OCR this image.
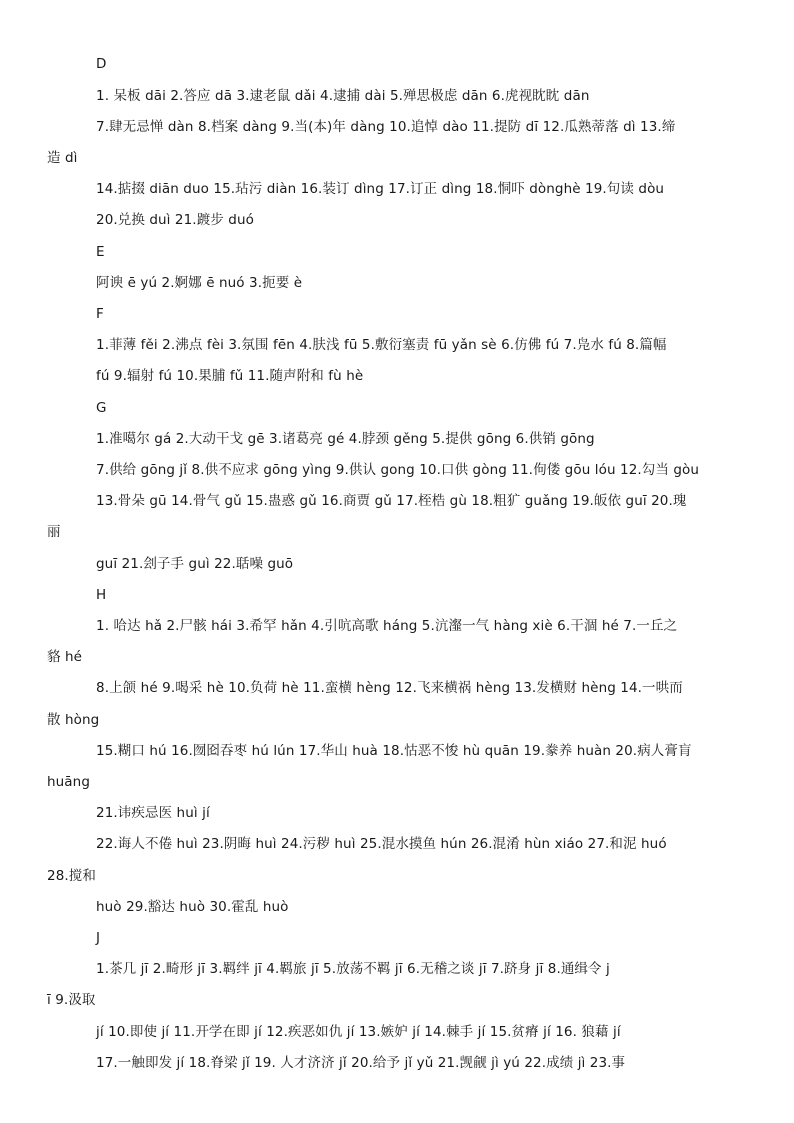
D
1. 呆板 dāi 2.答应 dā 3.逮老鼠 dǎi 4.逮捕 dài 5.殚思极虑 dān 6.虎视眈眈 dān
7.肆无忌惮 dàn 8.档案 dàng 9.当(本)年 dàng 10.追悼 dào 11.提防 dī 12.瓜熟蒂落 dì 13.缔
造 dì
14.掂掇 diān duo 15.玷污 diàn 16.装订 dìng 17.订正 dìng 18.恫吓 dònghè 19.句读 dòu
20.兑换 duì 21.踱步 duó
E
阿谀 ē yú 2.婀娜 ē nuó 3.扼要 è
F
1.菲薄 fěi 2.沸点 fèi 3.氛围 fēn 4.肤浅 fū 5.敷衍塞责 fū yǎn sè 6.仿佛 fú 7.凫水 fú 8.篇幅
fú 9.辐射 fú 10.果脯 fǔ 11.随声附和 fù hè
G
1.准噶尔 gá 2.大动干戈 gē 3.诸葛亮 gé 4.脖颈 gěng 5.提供 gōng 6.供销 gōng
7.供给 gōng jǐ 8.供不应求 gōng yìng 9.供认 gong 10.口供 gòng 11.佝偻 gōu lóu 12.勾当 gòu
13.骨朵 gū 14.骨气 gǔ 15.蛊惑 gǔ 16.商贾 gǔ 17.桎梏 gù 18.粗犷 guǎng 19.皈依 guī 20.瑰
丽
guī 21.刽子手 guì 22.聒噪 guō
H
1. 哈达 hǎ 2.尸骸 hái 3.希罕 hǎn 4.引吭高歌 háng 5.沆瀣一气 hàng xiè 6.干涸 hé 7.一丘之
貉 hé
8.上颌 hé 9.喝采 hè 10.负荷 hè 11.蛮横 hèng 12.飞来横祸 hèng 13.发横财 hèng 14.一哄而
散 hòng
15.糊口 hú 16.囫囵吞枣 hú lún 17.华山 huà 18.怙恶不悛 hù quān 19.豢养 huàn 20.病人膏肓
huāng
21.讳疾忌医 huì jí
22.诲人不倦 huì 23.阴晦 huì 24.污秽 huì 25.混水摸鱼 hún 26.混淆 hùn xiáo 27.和泥 huó
28.搅和
huò 29.豁达 huò 30.霍乱 huò
J
1.茶几 jī 2.畸形 jī 3.羁绊 jī 4.羁旅 jī 5.放荡不羁 jī 6.无稽之谈 jī 7.跻身 jī 8.通缉令 j
ī 9.汲取
jí 10.即使 jí 11.开学在即 jí 12.疾恶如仇 jí 13.嫉妒 jí 14.棘手 jí 15.贫瘠 jí 16. 狼藉 jí
17.一触即发 jí 18.脊梁 jǐ 19. 人才济济 jǐ 20.给予 jǐ yǔ 21.觊觎 jì yú 22.成绩 jì 23.事
